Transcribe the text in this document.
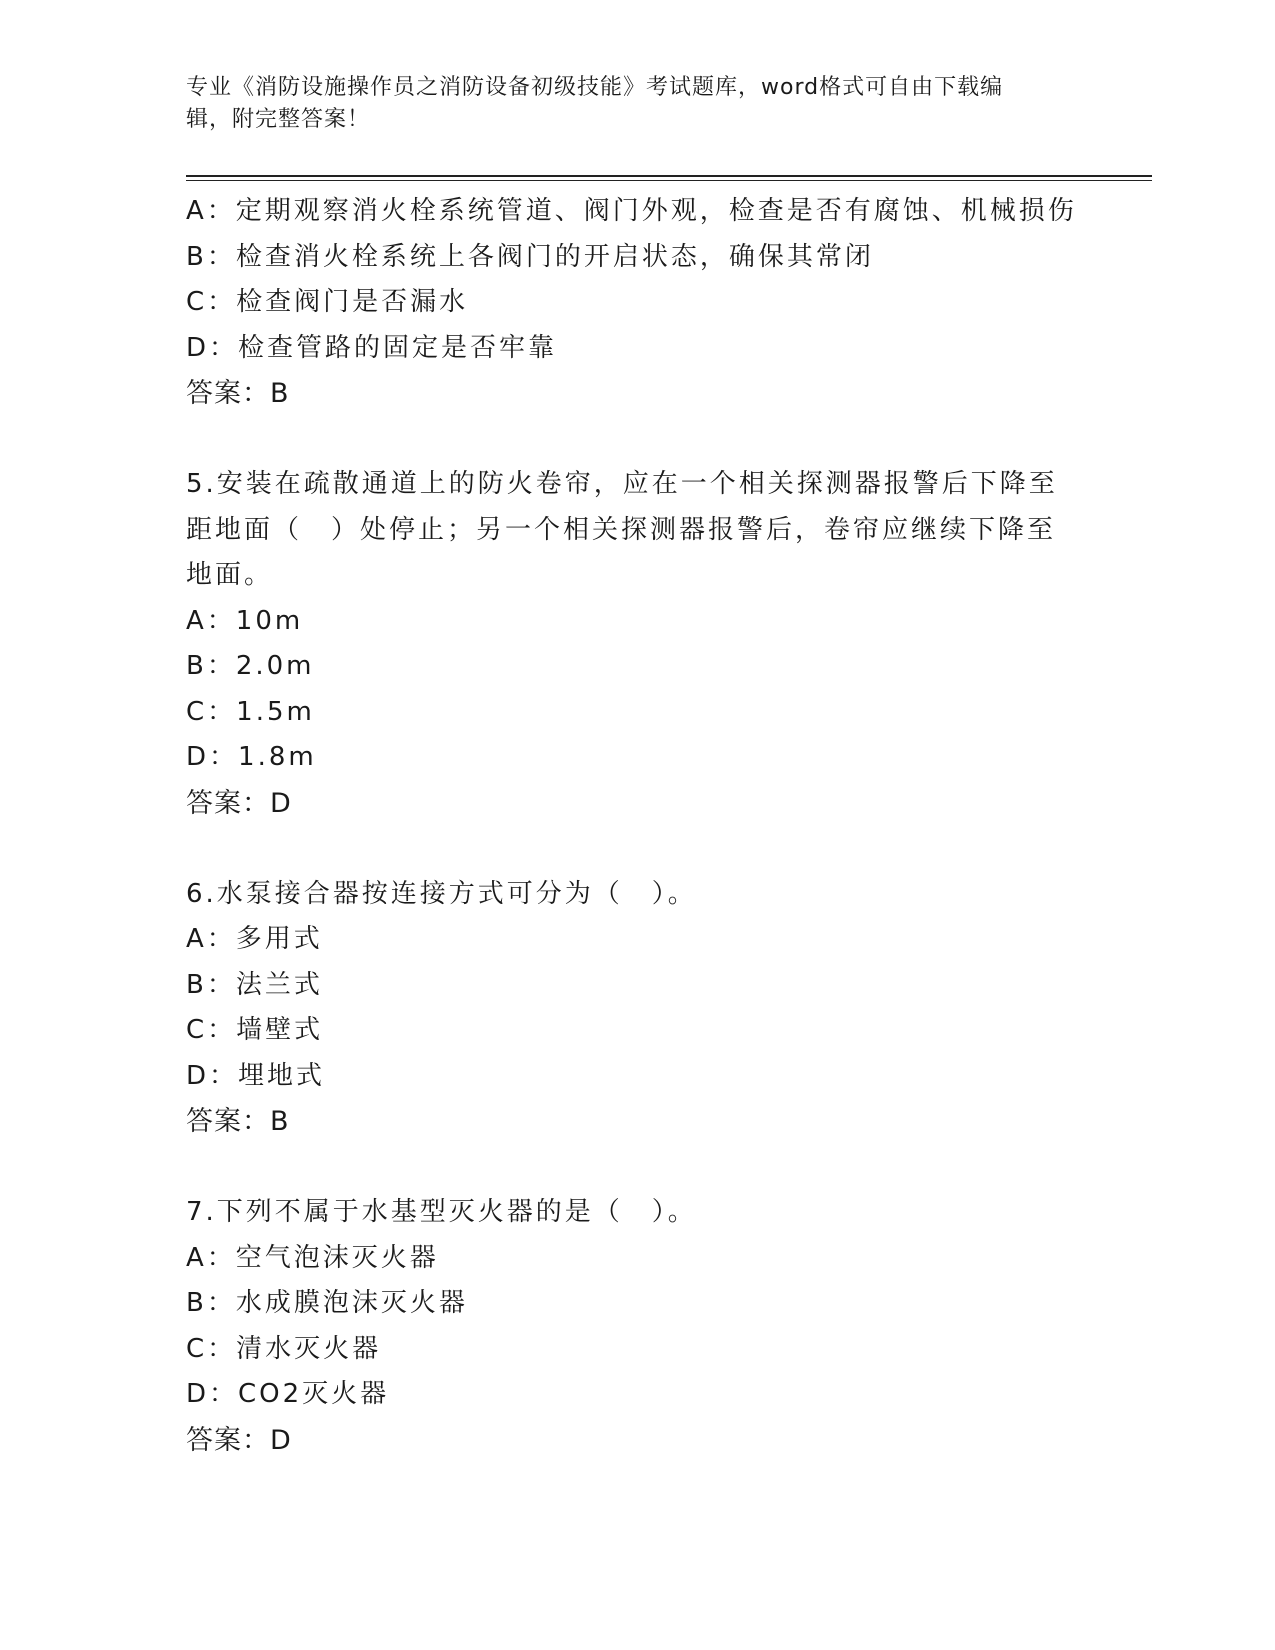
专业《消防设施操作员之消防设备初级技能》考试题库，word格式可自由下载编
辑，附完整答案！
A：定期观察消火栓系统管道、阀门外观，检查是否有腐蚀、机械损伤
B：检查消火栓系统上各阀门的开启状态，确保其常闭
C：检查阀门是否漏水
D：检查管路的固定是否牢靠
答案：B
5.安装在疏散通道上的防火卷帘，应在一个相关探测器报警后下降至
距地面（　）处停止；另一个相关探测器报警后，卷帘应继续下降至
地面。
A：10m
B：2.0m
C：1.5m
D：1.8m
答案：D
6.水泵接合器按连接方式可分为（　）。
A：多用式
B：法兰式
C：墙壁式
D：埋地式
答案：B
7.下列不属于水基型灭火器的是（　）。
A：空气泡沫灭火器
B：水成膜泡沫灭火器
C：清水灭火器
D：CO2灭火器
答案：D
